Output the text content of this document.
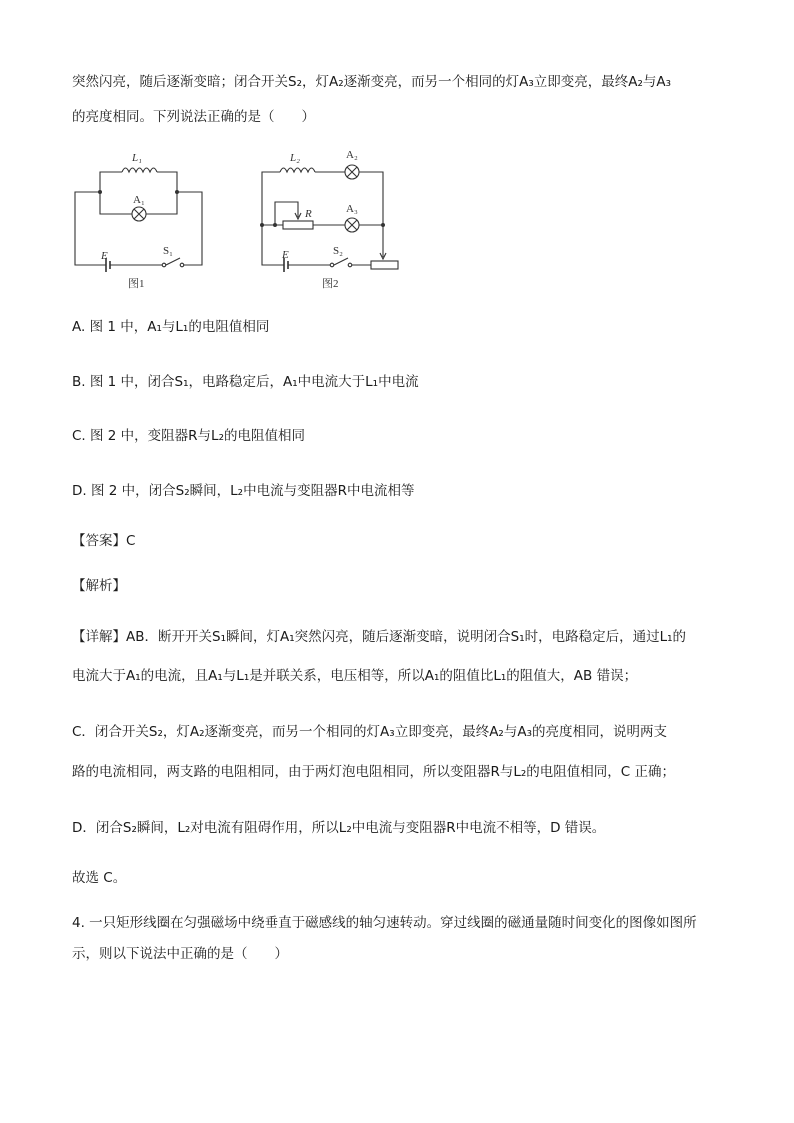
突然闪亮，随后逐渐变暗；闭合开关S₂，灯A₂逐渐变亮，而另一个相同的灯A₃立即变亮，最终A₂与A₃
的亮度相同。下列说法正确的是（　　）
L₁
A₁
E	S₁
图1
L₂	A₂
R	A₃
E	S₂
图2
A. 图 1 中，A₁与L₁的电阻值相同
B. 图 1 中，闭合S₁，电路稳定后，A₁中电流大于L₁中电流
C. 图 2 中，变阻器R与L₂的电阻值相同
D. 图 2 中，闭合S₂瞬间，L₂中电流与变阻器R中电流相等
【答案】C
【解析】
【详解】AB．断开开关S₁瞬间，灯A₁突然闪亮，随后逐渐变暗，说明闭合S₁时，电路稳定后，通过L₁的
电流大于A₁的电流，且A₁与L₁是并联关系，电压相等，所以A₁的阻值比L₁的阻值大，AB 错误；
C．闭合开关S₂，灯A₂逐渐变亮，而另一个相同的灯A₃立即变亮，最终A₂与A₃的亮度相同，说明两支
路的电流相同，两支路的电阻相同，由于两灯泡电阻相同，所以变阻器R与L₂的电阻值相同，C 正确；
D．闭合S₂瞬间，L₂对电流有阻碍作用，所以L₂中电流与变阻器R中电流不相等，D 错误。
故选 C。
4. 一只矩形线圈在匀强磁场中绕垂直于磁感线的轴匀速转动。穿过线圈的磁通量随时间变化的图像如图所
示，则以下说法中正确的是（　　）
